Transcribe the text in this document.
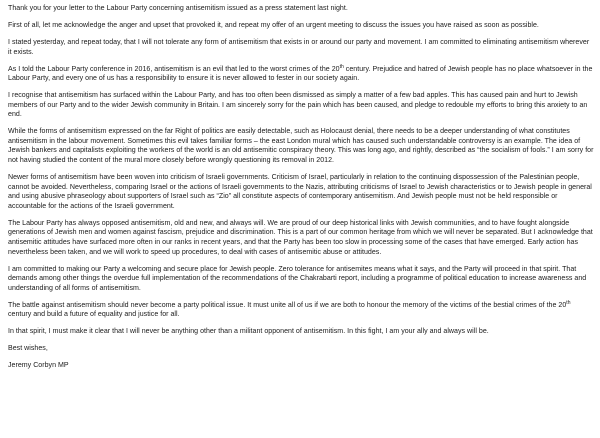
Thank you for your letter to the Labour Party concerning antisemitism issued as a press statement last night.

First of all, let me acknowledge the anger and upset that provoked it, and repeat my offer of an urgent meeting to discuss the issues you have raised as soon as possible.

I stated yesterday, and repeat today, that I will not tolerate any form of antisemitism that exists in or around our party and movement. I am committed to eliminating antisemitism wherever it exists.

As I told the Labour Party conference in 2016, antisemitism is an evil that led to the worst crimes of the 20th century. Prejudice and hatred of Jewish people has no place whatsoever in the Labour Party, and every one of us has a responsibility to ensure it is never allowed to fester in our society again.

I recognise that antisemitism has surfaced within the Labour Party, and has too often been dismissed as simply a matter of a few bad apples. This has caused pain and hurt to Jewish members of our Party and to the wider Jewish community in Britain. I am sincerely sorry for the pain which has been caused, and pledge to redouble my efforts to bring this anxiety to an end.

While the forms of antisemitism expressed on the far Right of politics are easily detectable, such as Holocaust denial, there needs to be a deeper understanding of what constitutes antisemitism in the labour movement. Sometimes this evil takes familiar forms – the east London mural which has caused such understandable controversy is an example. The idea of Jewish bankers and capitalists exploiting the workers of the world is an old antisemitic conspiracy theory. This was long ago, and rightly, described as “the socialism of fools.” I am sorry for not having studied the content of the mural more closely before wrongly questioning its removal in 2012.

Newer forms of antisemitism have been woven into criticism of Israeli governments. Criticism of Israel, particularly in relation to the continuing dispossession of the Palestinian people, cannot be avoided. Nevertheless, comparing Israel or the actions of Israeli governments to the Nazis, attributing criticisms of Israel to Jewish characteristics or to Jewish people in general and using abusive phraseology about supporters of Israel such as “Zio” all constitute aspects of contemporary antisemitism. And Jewish people must not be held responsible or accountable for the actions of the Israeli government.

The Labour Party has always opposed antisemitism, old and new, and always will. We are proud of our deep historical links with Jewish communities, and to have fought alongside generations of Jewish men and women against fascism, prejudice and discrimination. This is a part of our common heritage from which we will never be separated. But I acknowledge that antisemitic attitudes have surfaced more often in our ranks in recent years, and that the Party has been too slow in processing some of the cases that have emerged. Early action has nevertheless been taken, and we will work to speed up procedures, to deal with cases of antisemitic abuse or attitudes.

I am committed to making our Party a welcoming and secure place for Jewish people. Zero tolerance for antisemites means what it says, and the Party will proceed in that spirit. That demands among other things the overdue full implementation of the recommendations of the Chakrabarti report, including a programme of political education to increase awareness and understanding of all forms of antisemitism.

The battle against antisemitism should never become a party political issue. It must unite all of us if we are both to honour the memory of the victims of the bestial crimes of the 20th century and build a future of equality and justice for all.

In that spirit, I must make it clear that I will never be anything other than a militant opponent of antisemitism. In this fight, I am your ally and always will be.

Best wishes,

Jeremy Corbyn MP
